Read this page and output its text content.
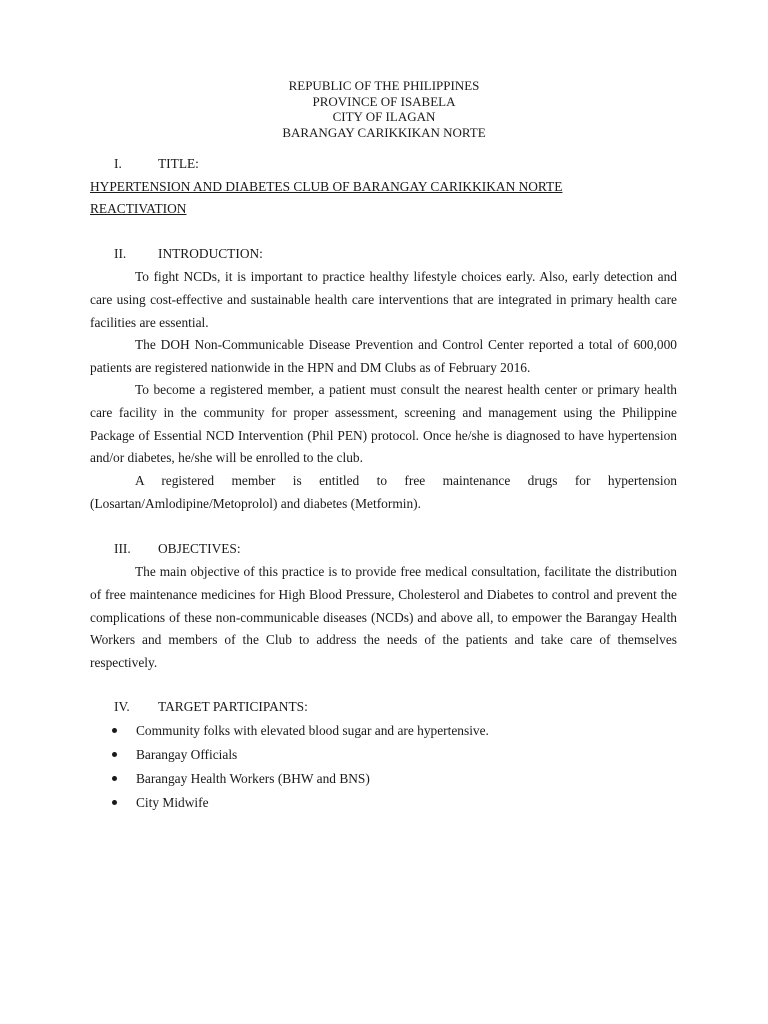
REPUBLIC OF THE PHILIPPINES
PROVINCE OF ISABELA
CITY OF ILAGAN
BARANGAY CARIKKIKAN NORTE
I.	TITLE:
HYPERTENSION AND DIABETES CLUB OF BARANGAY CARIKKIKAN NORTE
REACTIVATION
II. INTRODUCTION:

To fight NCDs, it is important to practice healthy lifestyle choices early. Also, early detection and care using cost-effective and sustainable health care interventions that are integrated in primary health care facilities are essential.

The DOH Non-Communicable Disease Prevention and Control Center reported a total of 600,000 patients are registered nationwide in the HPN and DM Clubs as of February 2016.

To become a registered member, a patient must consult the nearest health center or primary health care facility in the community for proper assessment, screening and management using the Philippine Package of Essential NCD Intervention (Phil PEN) protocol. Once he/she is diagnosed to have hypertension and/or diabetes, he/she will be enrolled to the club.

A registered member is entitled to free maintenance drugs for hypertension (Losartan/Amlodipine/Metoprolol) and diabetes (Metformin).

III. OBJECTIVES:

The main objective of this practice is to provide free medical consultation, facilitate the distribution of free maintenance medicines for High Blood Pressure, Cholesterol and Diabetes to control and prevent the complications of these non-communicable diseases (NCDs) and above all, to empower the Barangay Health Workers and members of the Club to address the needs of the patients and take care of themselves respectively.

IV. TARGET PARTICIPANTS:
Community folks with elevated blood sugar and are hypertensive.
Barangay Officials
Barangay Health Workers (BHW and BNS)
City Midwife
